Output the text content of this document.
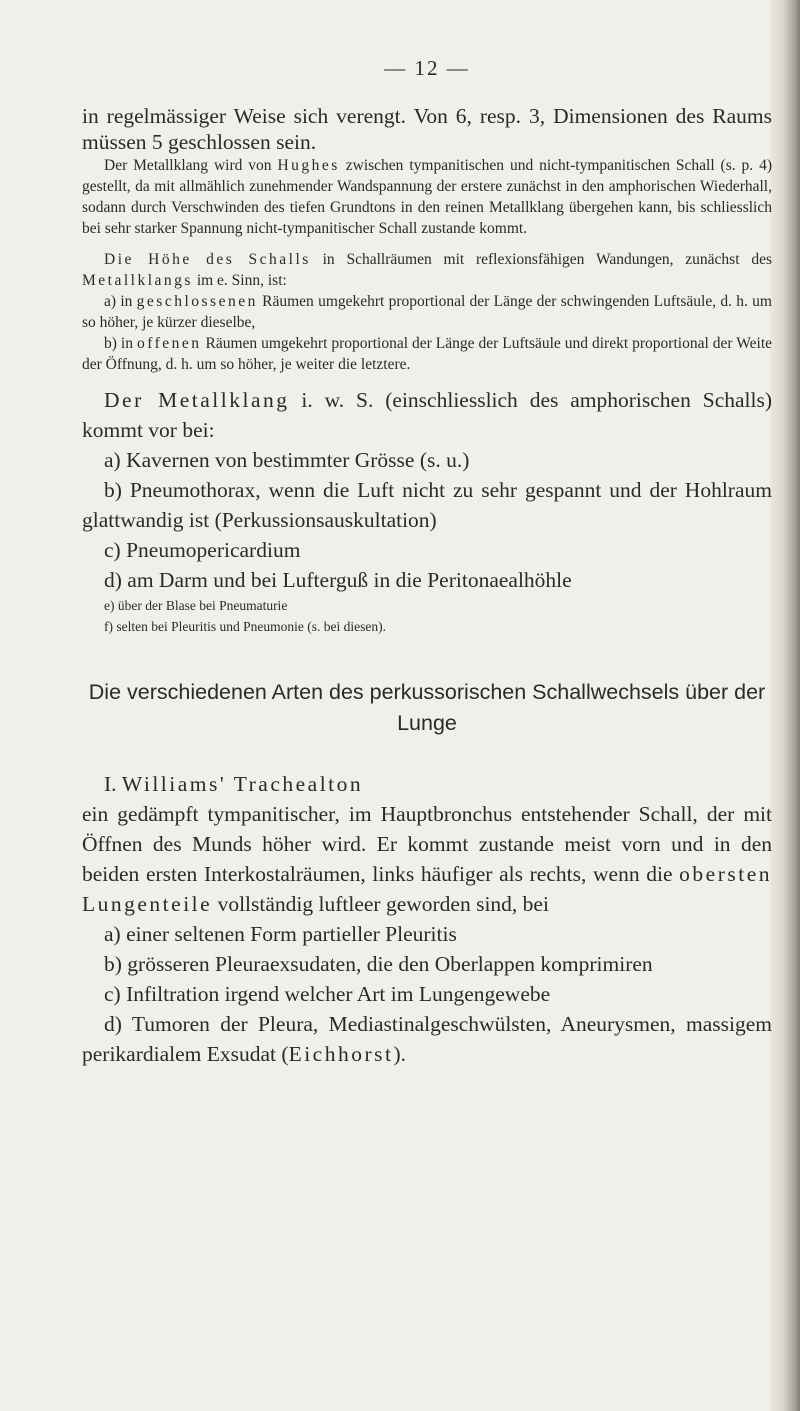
— 12 —

in regelmässiger Weise sich verengt. Von 6, resp. 3, Dimensionen des Raums müssen 5 geschlossen sein.

Der Metallklang wird von Hughes zwischen tympanitischen und nicht-tympanitischen Schall (s. p. 4) gestellt, da mit allmählich zunehmender Wandspannung der erstere zunächst in den amphorischen Wiederhall, sodann durch Verschwinden des tiefen Grundtons in den reinen Metallklang übergehen kann, bis schliesslich bei sehr starker Spannung nicht-tympanitischer Schall zustande kommt.

Die Höhe des Schalls in Schallräumen mit reflexionsfähigen Wandungen, zunächst des Metallklangs im e. Sinn, ist:

a) in geschlossenen Räumen umgekehrt proportional der Länge der schwingenden Luftsäule, d. h. um so höher, je kürzer dieselbe,

b) in offenen Räumen umgekehrt proportional der Länge der Luftsäule und direkt proportional der Weite der Öffnung, d. h. um so höher, je weiter die letztere.

Der Metallklang i. w. S. (einschliesslich des amphorischen Schalls) kommt vor bei:

a) Kavernen von bestimmter Grösse (s. u.)

b) Pneumothorax, wenn die Luft nicht zu sehr gespannt und der Hohlraum glattwandig ist (Perkussionsauskultation)

c) Pneumopericardium

d) am Darm und bei Lufterguß in die Peritonaealhöhle

e) über der Blase bei Pneumaturie

f) selten bei Pleuritis und Pneumonie (s. bei diesen).

Die verschiedenen Arten des perkussorischen Schallwechsels über der Lunge

I. Williams' Trachealton

ein gedämpft tympanitischer, im Hauptbronchus entstehender Schall, der mit Öffnen des Munds höher wird. Er kommt zustande meist vorn und in den beiden ersten Interkostalräumen, links häufiger als rechts, wenn die obersten Lungenteile vollständig luftleer geworden sind, bei

a) einer seltenen Form partieller Pleuritis

b) grösseren Pleuraexsudaten, die den Oberlappen komprimiren

c) Infiltration irgend welcher Art im Lungengewebe

d) Tumoren der Pleura, Mediastinalgeschwülsten, Aneurysmen, massigem perikardialem Exsudat (Eichhorst).
